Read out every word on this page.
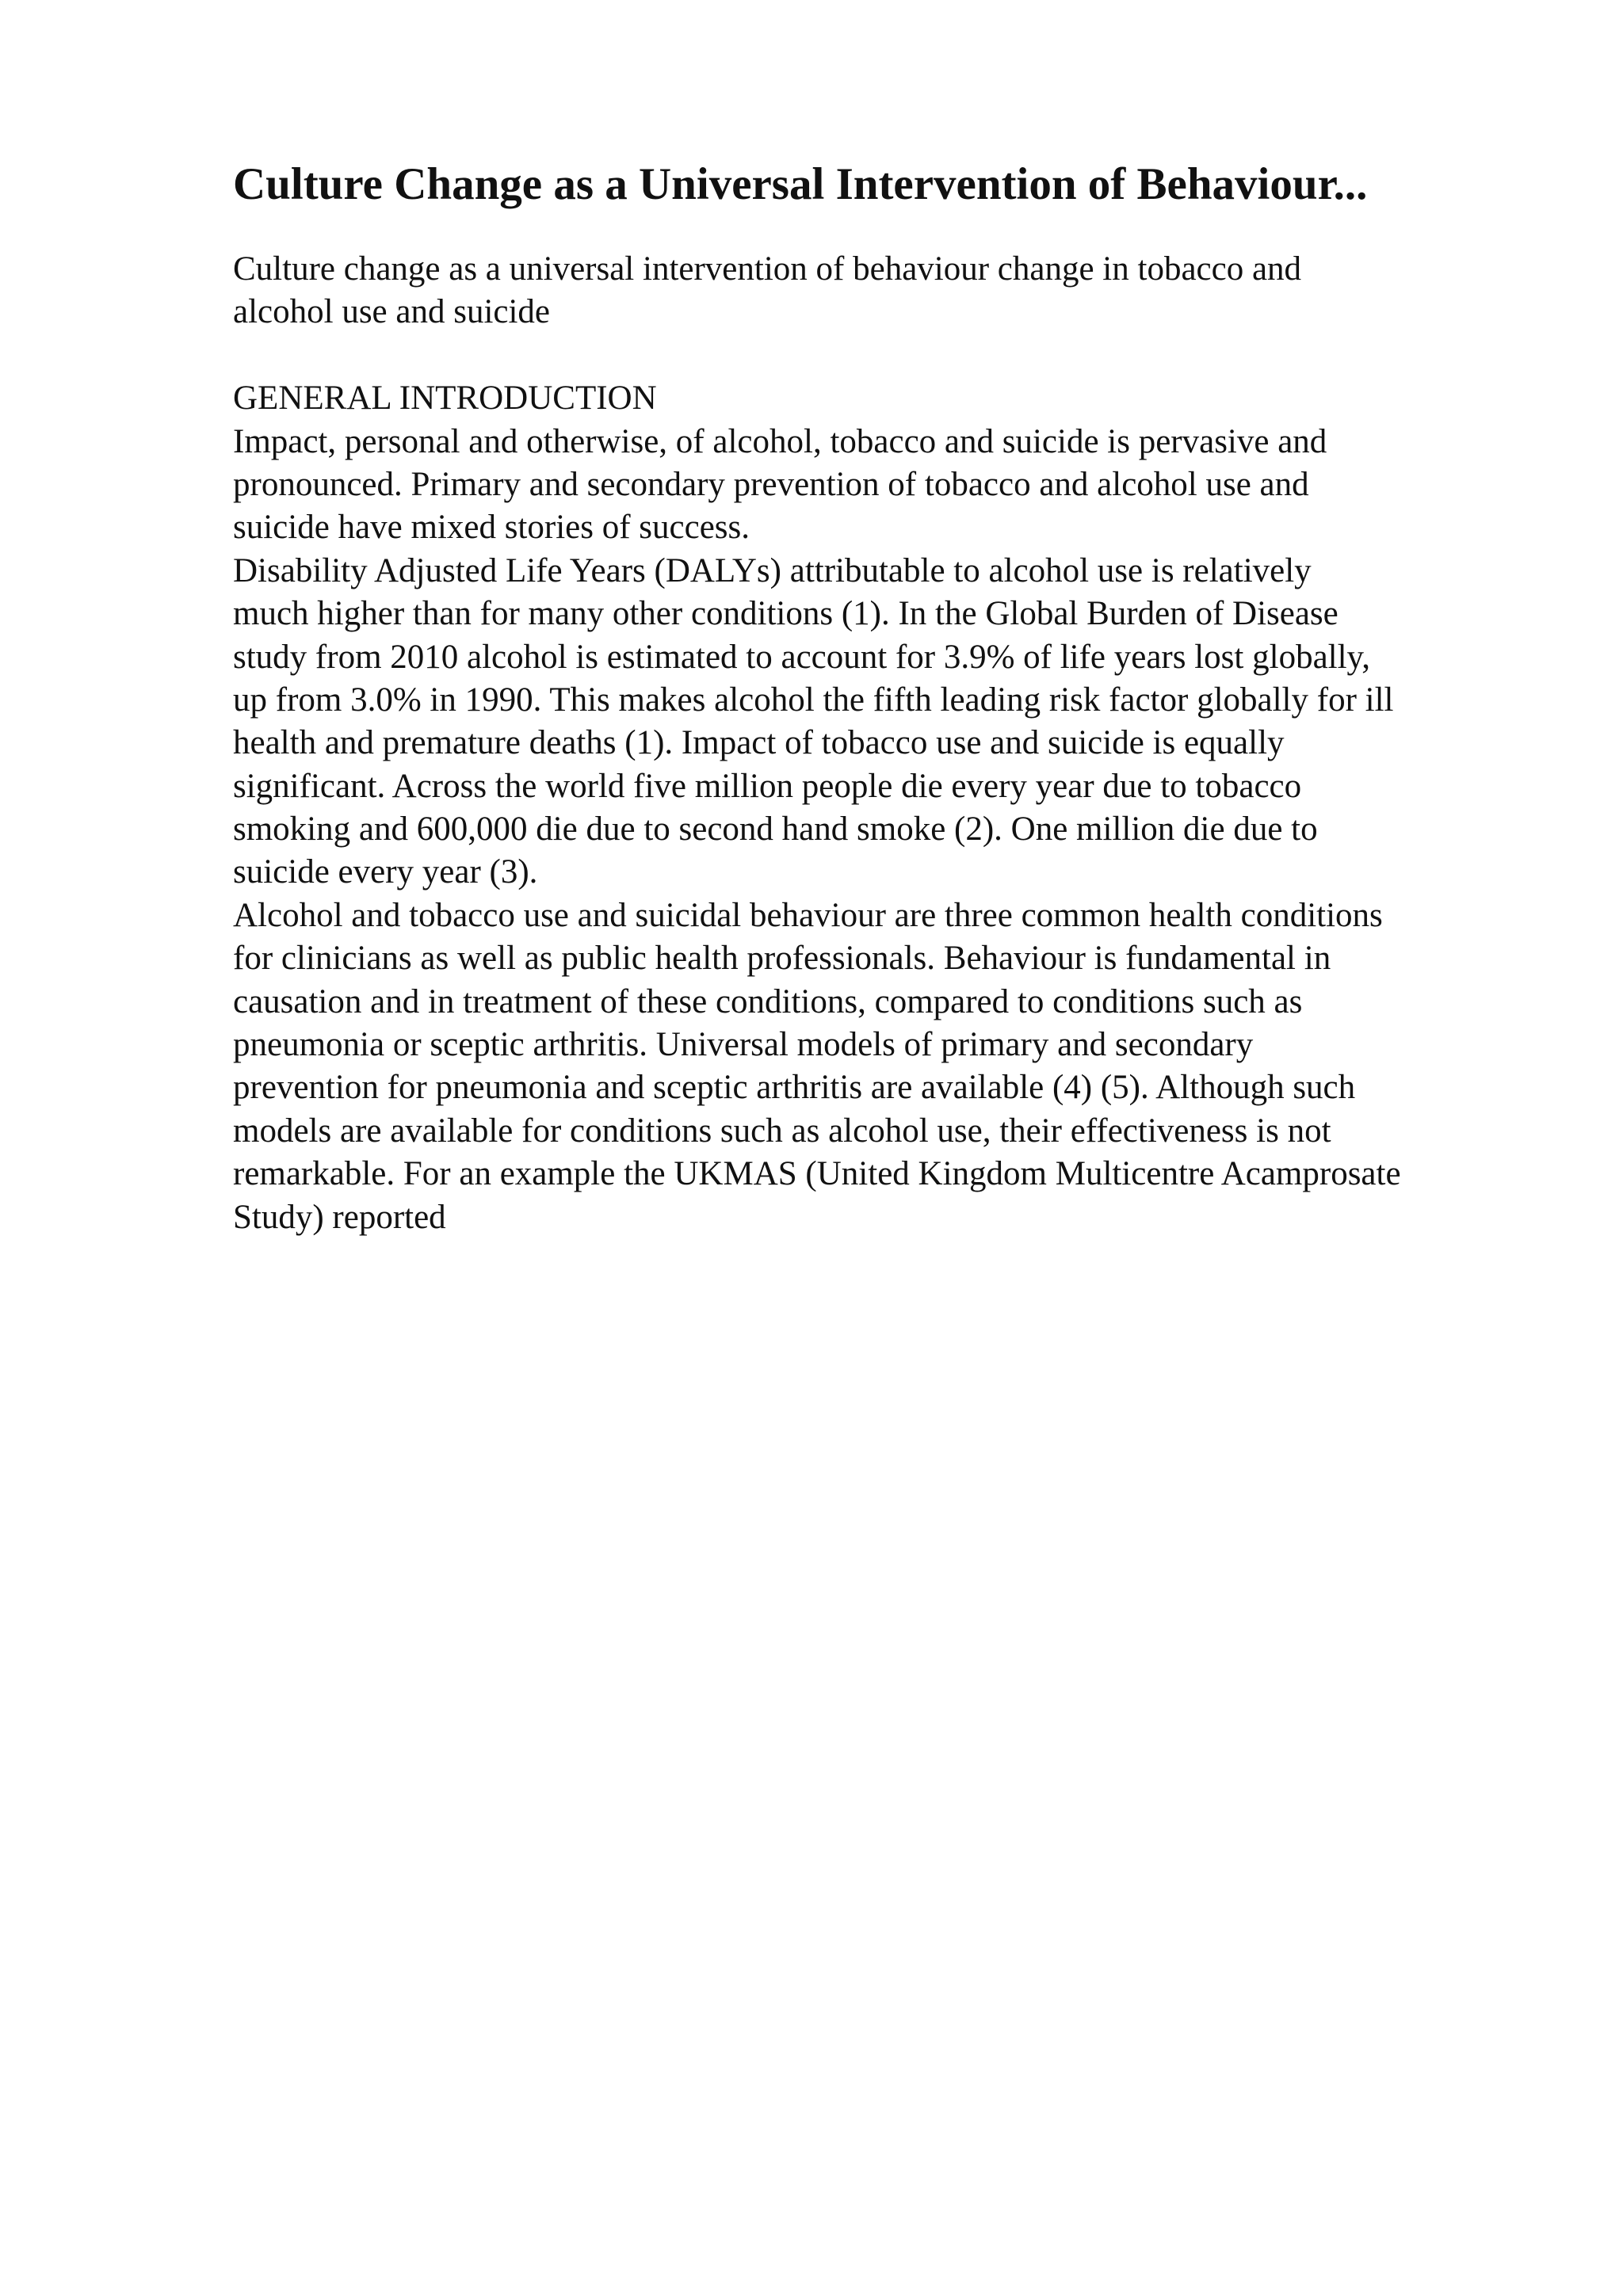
Culture Change as a Universal Intervention of Behaviour...
Culture change as a universal intervention of behaviour change in tobacco and
alcohol use and suicide
GENERAL INTRODUCTION
Impact, personal and otherwise, of alcohol, tobacco and suicide is pervasive and
pronounced. Primary and secondary prevention of tobacco and alcohol use and
suicide have mixed stories of success.
Disability Adjusted Life Years (DALYs) attributable to alcohol use is relatively
much higher than for many other conditions (1). In the Global Burden of Disease
study from 2010 alcohol is estimated to account for 3.9% of life years lost globally,
up from 3.0% in 1990. This makes alcohol the fifth leading risk factor globally for ill
health and premature deaths (1). Impact of tobacco use and suicide is equally
significant. Across the world five million people die every year due to tobacco
smoking and 600,000 die due to second hand smoke (2). One million die due to
suicide every year (3).
Alcohol and tobacco use and suicidal behaviour are three common health conditions
for clinicians as well as public health professionals. Behaviour is fundamental in
causation and in treatment of these conditions, compared to conditions such as
pneumonia or sceptic arthritis. Universal models of primary and secondary
prevention for pneumonia and sceptic arthritis are available (4) (5). Although such
models are available for conditions such as alcohol use, their effectiveness is not
remarkable. For an example the UKMAS (United Kingdom Multicentre Acamprosate
Study) reported
